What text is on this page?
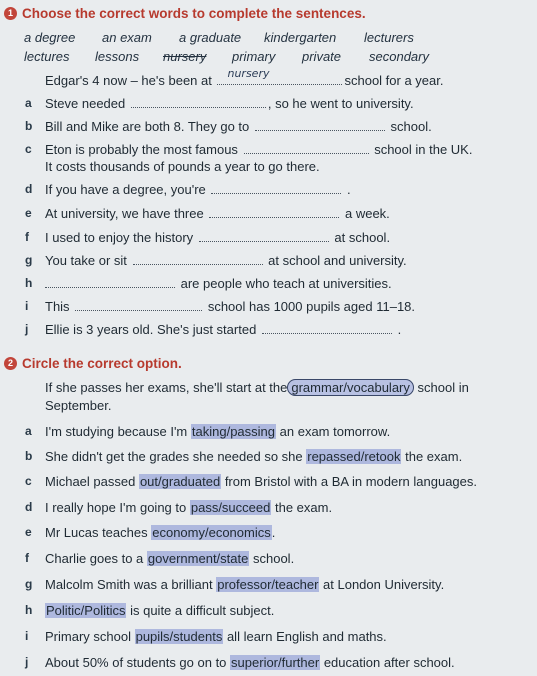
1 Choose the correct words to complete the sentences.
a degree an exam a graduate kindergarten lecturers
lectures lessons nursery primary private secondary
Edgar's 4 now – he's been at nursery	school for a year.
a Steve needed	, so he went to university.
b Bill and Mike are both 8. They go to	school.
c Eton is probably the most famous	school in the UK.
It costs thousands of pounds a year to go there.
d If you have a degree, you're	.
e At university, we have three	a week.
f I used to enjoy the history	at school.
g You take or sit	at school and university.
h	are people who teach at universities.
i This	school has 1000 pupils aged 11–18.
j Ellie is 3 years old. She's just started	.
2 Circle the correct option.
If she passes her exams, she'll start at the grammar/vocabulary school in
September.
a I'm studying because I'm taking/passing an exam tomorrow.
b She didn't get the grades she needed so she repassed/retook the exam.
c Michael passed out/graduated from Bristol with a BA in modern languages.
d I really hope I'm going to pass/succeed the exam.
e Mr Lucas teaches economy/economics.
f Charlie goes to a government/state school.
g Malcolm Smith was a brilliant professor/teacher at London University.
h Politic/Politics is quite a difficult subject.
i Primary school pupils/students all learn English and maths.
j About 50% of students go on to superior/further education after school.
